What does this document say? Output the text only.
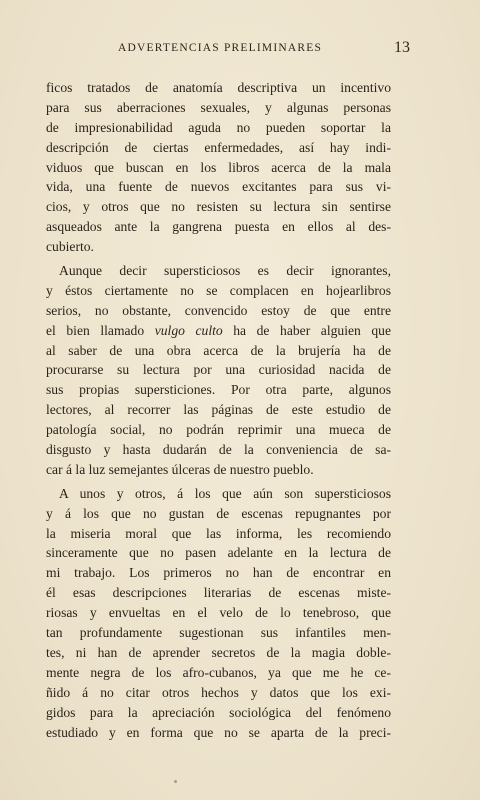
ADVERTENCIAS PRELIMINARES	13
ficos tratados de anatomía descriptiva un incentivo
para sus aberraciones sexuales, y algunas personas
de impresionabilidad aguda no pueden soportar la
descripción de ciertas enfermedades, así hay indi-
viduos que buscan en los libros acerca de la mala
vida, una fuente de nuevos excitantes para sus vi-
cios, y otros que no resisten su lectura sin sentirse
asqueados ante la gangrena puesta en ellos al des-
cubierto.
Aunque decir supersticiosos es decir ignorantes,
y éstos ciertamente no se complacen en hojearlibros
serios, no obstante, convencido estoy de que entre
el bien llamado vulgo culto ha de haber alguien que
al saber de una obra acerca de la brujería ha de
procurarse su lectura por una curiosidad nacida de
sus propias supersticiones. Por otra parte, algunos
lectores, al recorrer las páginas de este estudio de
patología social, no podrán reprimir una mueca de
disgusto y hasta dudarán de la conveniencia de sa-
car á la luz semejantes úlceras de nuestro pueblo.
A unos y otros, á los que aún son supersticiosos
y á los que no gustan de escenas repugnantes por
la miseria moral que las informa, les recomiendo
sinceramente que no pasen adelante en la lectura de
mi trabajo. Los primeros no han de encontrar en
él esas descripciones literarias de escenas miste-
riosas y envueltas en el velo de lo tenebroso, que
tan profundamente sugestionan sus infantiles men-
tes, ni han de aprender secretos de la magia doble-
mente negra de los afro-cubanos, ya que me he ce-
ñido á no citar otros hechos y datos que los exi-
gidos para la apreciación sociológica del fenómeno
estudiado y en forma que no se aparta de la preci-
